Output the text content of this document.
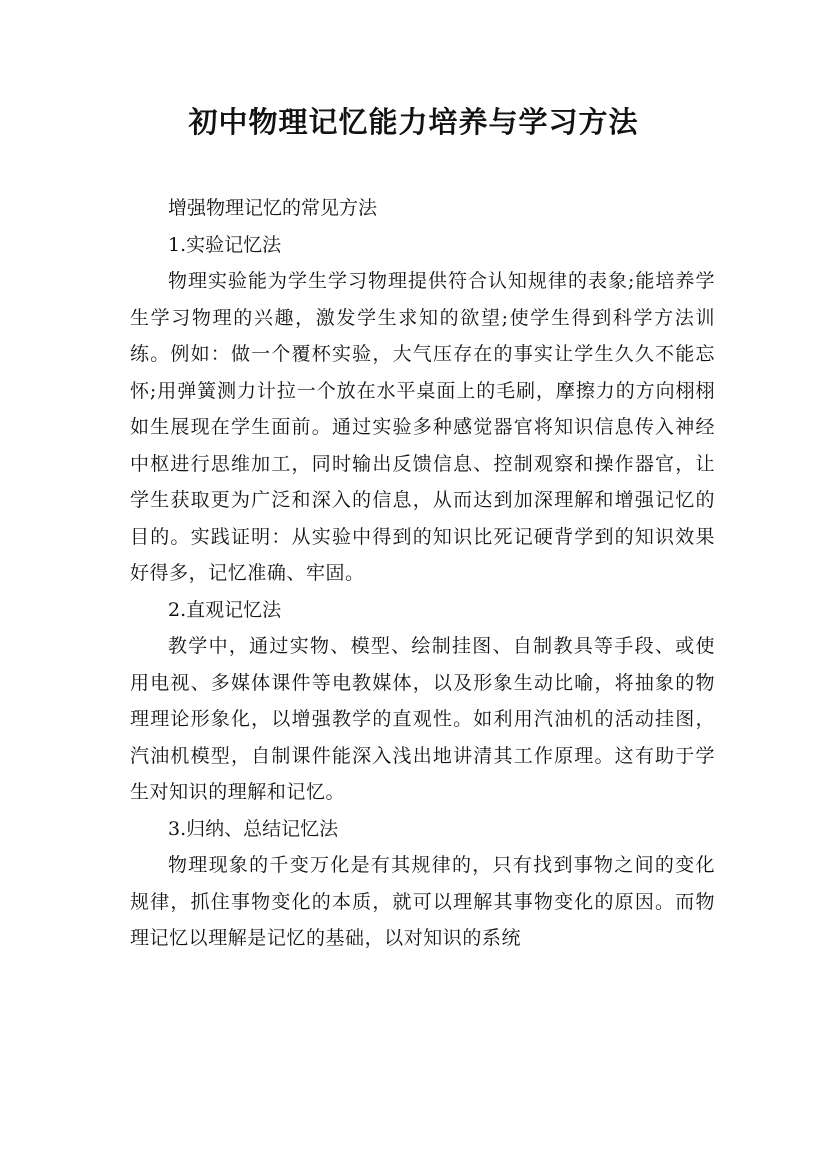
初中物理记忆能力培养与学习方法

增强物理记忆的常见方法

1.实验记忆法

物理实验能为学生学习物理提供符合认知规律的表象;能培养学生学习物理的兴趣，激发学生求知的欲望;使学生得到科学方法训练。例如：做一个覆杯实验，大气压存在的事实让学生久久不能忘怀;用弹簧测力计拉一个放在水平桌面上的毛刷，摩擦力的方向栩栩如生展现在学生面前。通过实验多种感觉器官将知识信息传入神经中枢进行思维加工，同时输出反馈信息、控制观察和操作器官，让学生获取更为广泛和深入的信息，从而达到加深理解和增强记忆的目的。实践证明：从实验中得到的知识比死记硬背学到的知识效果好得多，记忆准确、牢固。

2.直观记忆法

教学中，通过实物、模型、绘制挂图、自制教具等手段、或使用电视、多媒体课件等电教媒体，以及形象生动比喻，将抽象的物理理论形象化，以增强教学的直观性。如利用汽油机的活动挂图，汽油机模型，自制课件能深入浅出地讲清其工作原理。这有助于学生对知识的理解和记忆。

3.归纳、总结记忆法

物理现象的千变万化是有其规律的，只有找到事物之间的变化规律，抓住事物变化的本质，就可以理解其事物变化的原因。而物理记忆以理解是记忆的基础，以对知识的系统
